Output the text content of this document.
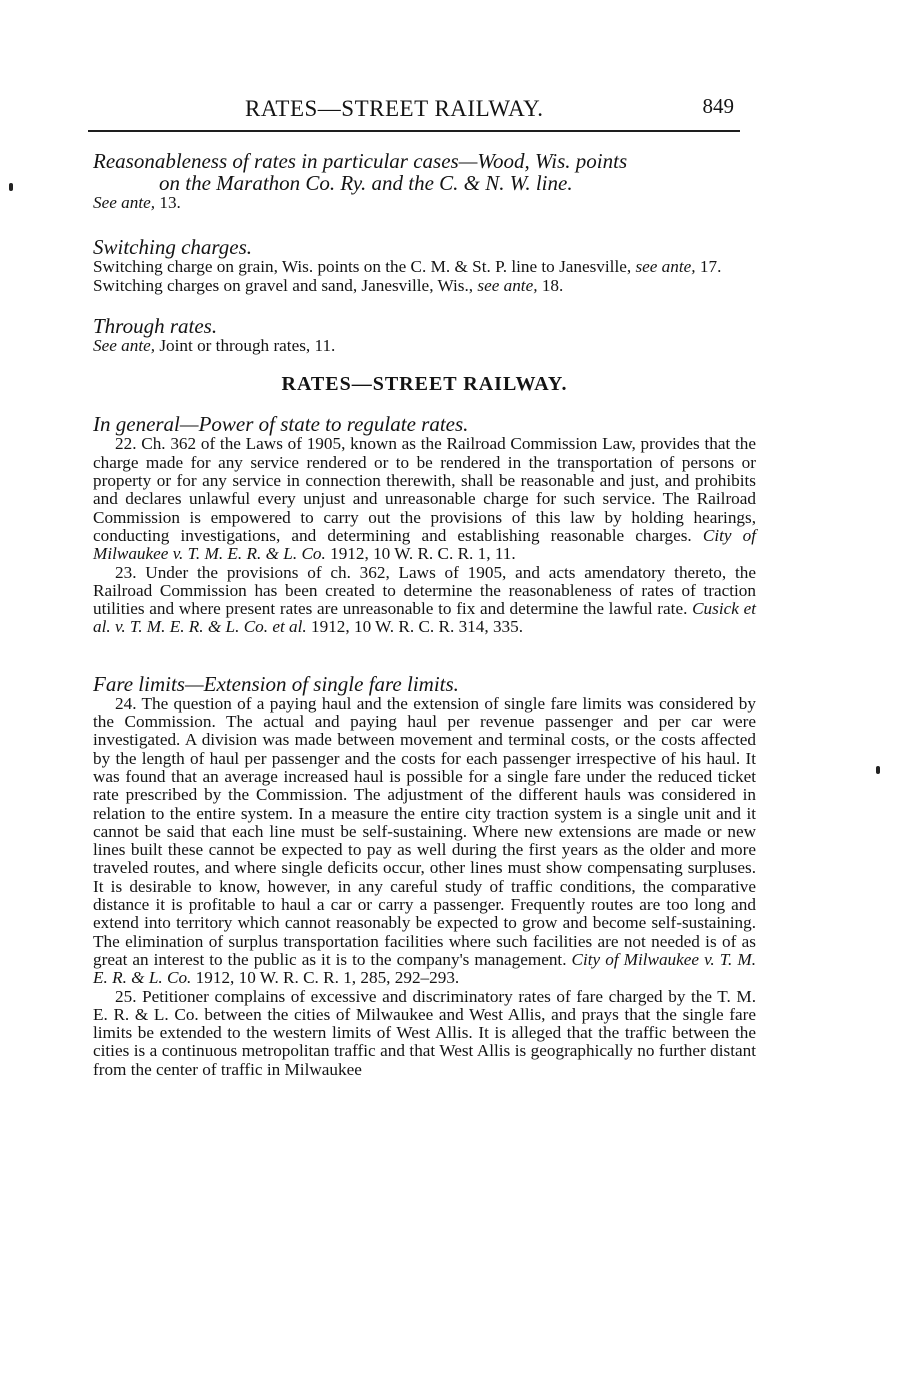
RATES—STREET RAILWAY.	849

Reasonableness of rates in particular cases—Wood, Wis. points
on the Marathon Co. Ry. and the C. & N. W. line.

See ante, 13.

Switching charges.

Switching charge on grain, Wis. points on the C. M. & St. P. line to Janesville, see ante, 17.

Switching charges on gravel and sand, Janesville, Wis., see ante, 18.

Through rates.

See ante, Joint or through rates, 11.

RATES—STREET RAILWAY.

In general—Power of state to regulate rates.

22. Ch. 362 of the Laws of 1905, known as the Railroad Commission Law, provides that the charge made for any service rendered or to be rendered in the transportation of persons or property or for any service in connection therewith, shall be reasonable and just, and prohibits and declares unlawful every unjust and unreasonable charge for such service. The Railroad Commission is empowered to carry out the provisions of this law by holding hearings, conducting investigations, and determining and establishing reasonable charges. City of Milwaukee v. T. M. E. R. & L. Co. 1912, 10 W. R. C. R. 1, 11.

23. Under the provisions of ch. 362, Laws of 1905, and acts amendatory thereto, the Railroad Commission has been created to determine the reasonableness of rates of traction utilities and where present rates are unreasonable to fix and determine the lawful rate. Cusick et al. v. T. M. E. R. & L. Co. et al. 1912, 10 W. R. C. R. 314, 335.

Fare limits—Extension of single fare limits.

24. The question of a paying haul and the extension of single fare limits was considered by the Commission. The actual and paying haul per revenue passenger and per car were investigated. A division was made between movement and terminal costs, or the costs affected by the length of haul per passenger and the costs for each passenger irrespective of his haul. It was found that an average increased haul is possible for a single fare under the reduced ticket rate prescribed by the Commission. The adjustment of the different hauls was considered in relation to the entire system. In a measure the entire city traction system is a single unit and it cannot be said that each line must be self-sustaining. Where new extensions are made or new lines built these cannot be expected to pay as well during the first years as the older and more traveled routes, and where single deficits occur, other lines must show compensating surpluses. It is desirable to know, however, in any careful study of traffic conditions, the comparative distance it is profitable to haul a car or carry a passenger. Frequently routes are too long and extend into territory which cannot reasonably be expected to grow and become self-sustaining. The elimination of surplus transportation facilities where such facilities are not needed is of as great an interest to the public as it is to the company's management. City of Milwaukee v. T. M. E. R. & L. Co. 1912, 10 W. R. C. R. 1, 285, 292–293.

25. Petitioner complains of excessive and discriminatory rates of fare charged by the T. M. E. R. & L. Co. between the cities of Milwaukee and West Allis, and prays that the single fare limits be extended to the western limits of West Allis. It is alleged that the traffic between the cities is a continuous metropolitan traffic and that West Allis is geographically no further distant from the center of traffic in Milwaukee
